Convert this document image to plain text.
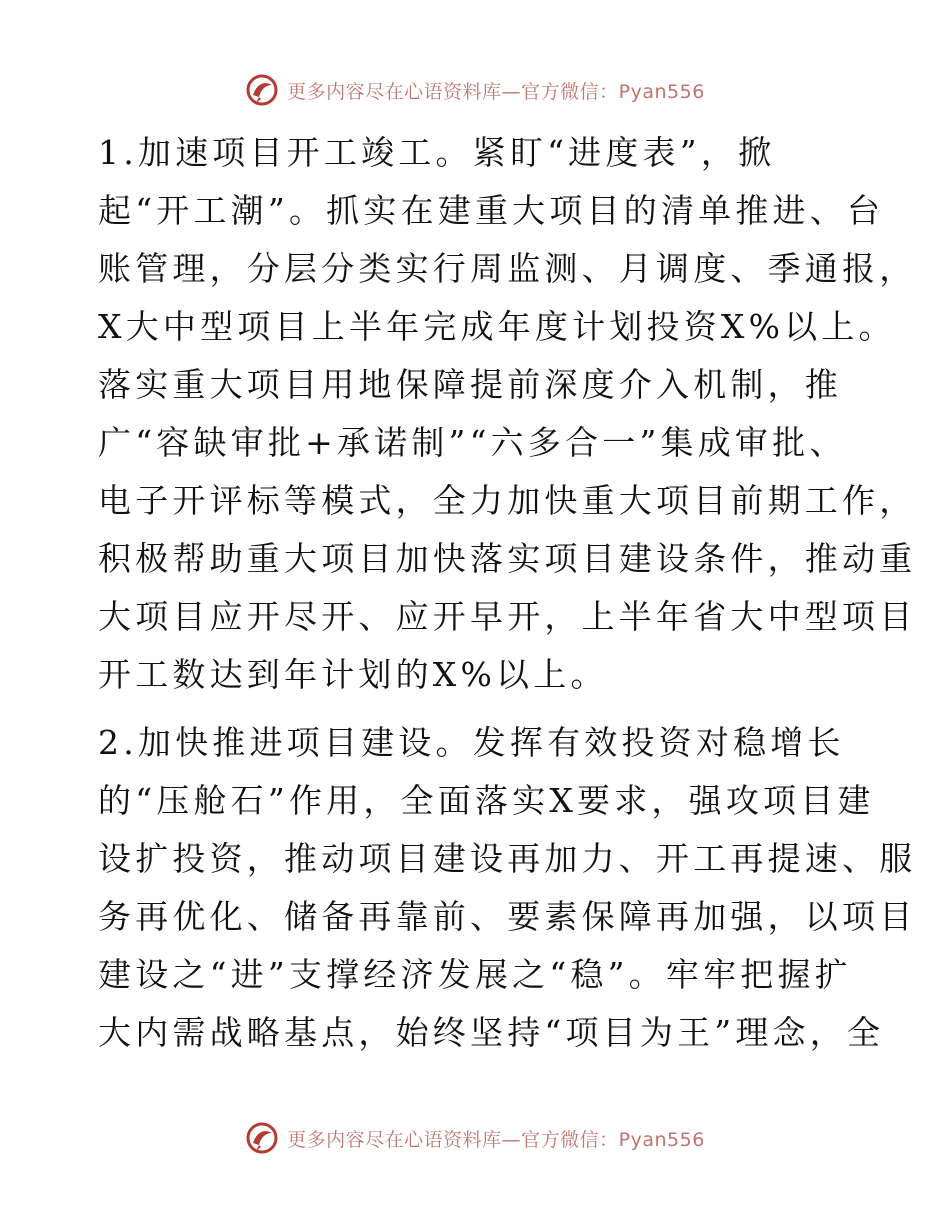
更多内容尽在心语资料库—官方微信：Pyan556
1.加速项目开工竣工。紧盯“进度表”，掀
起“开工潮”。抓实在建重大项目的清单推进、台
账管理，分层分类实行周监测、月调度、季通报，
X大中型项目上半年完成年度计划投资X%以上。
落实重大项目用地保障提前深度介入机制，推
广“容缺审批+承诺制”“六多合一”集成审批、
电子开评标等模式，全力加快重大项目前期工作，
积极帮助重大项目加快落实项目建设条件，推动重
大项目应开尽开、应开早开，上半年省大中型项目
开工数达到年计划的X%以上。
2.加快推进项目建设。发挥有效投资对稳增长
的“压舱石”作用，全面落实X要求，强攻项目建
设扩投资，推动项目建设再加力、开工再提速、服
务再优化、储备再靠前、要素保障再加强，以项目
建设之“进”支撑经济发展之“稳”。牢牢把握扩
大内需战略基点，始终坚持“项目为王”理念，全
更多内容尽在心语资料库—官方微信：Pyan556
